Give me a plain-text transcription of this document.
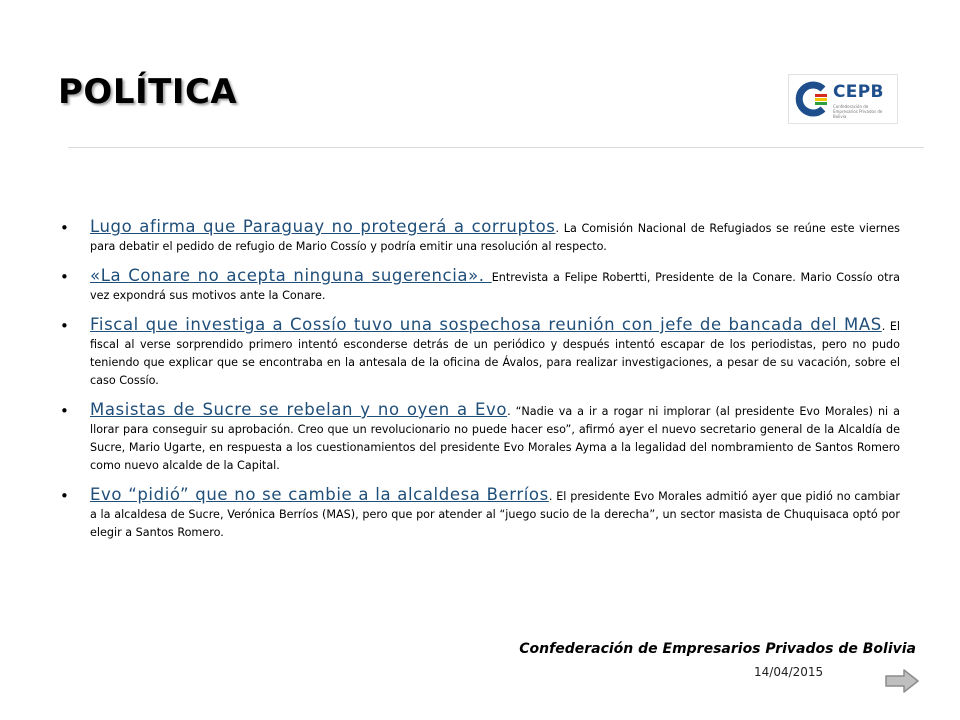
POLÍTICA	CEPB
Confederación de Empresarios Privados de Bolivia
• Lugo afirma que Paraguay no protegerá a corruptos. La Comisión Nacional de Refugiados se reúne este viernes para debatir el pedido de refugio de Mario Cossío y podría emitir una resolución al respecto.
• «La Conare no acepta ninguna sugerencia». Entrevista a Felipe Robertti, Presidente de la Conare. Mario Cossío otra vez expondrá sus motivos ante la Conare.
• Fiscal que investiga a Cossío tuvo una sospechosa reunión con jefe de bancada del MAS. El fiscal al verse sorprendido primero intentó esconderse detrás de un periódico y después intentó escapar de los periodistas, pero no pudo teniendo que explicar que se encontraba en la antesala de la oficina de Ávalos, para realizar investigaciones, a pesar de su vacación, sobre el caso Cossío.
• Masistas de Sucre se rebelan y no oyen a Evo. “Nadie va a ir a rogar ni implorar (al presidente Evo Morales) ni a llorar para conseguir su aprobación. Creo que un revolucionario no puede hacer eso”, afirmó ayer el nuevo secretario general de la Alcaldía de Sucre, Mario Ugarte, en respuesta a los cuestionamientos del presidente Evo Morales Ayma a la legalidad del nombramiento de Santos Romero como nuevo alcalde de la Capital.
• Evo “pidió” que no se cambie a la alcaldesa Berríos. El presidente Evo Morales admitió ayer que pidió no cambiar a la alcaldesa de Sucre, Verónica Berríos (MAS), pero que por atender al “juego sucio de la derecha”, un sector masista de Chuquisaca optó por elegir a Santos Romero.
Confederación de Empresarios Privados de Bolivia
14/04/2015
